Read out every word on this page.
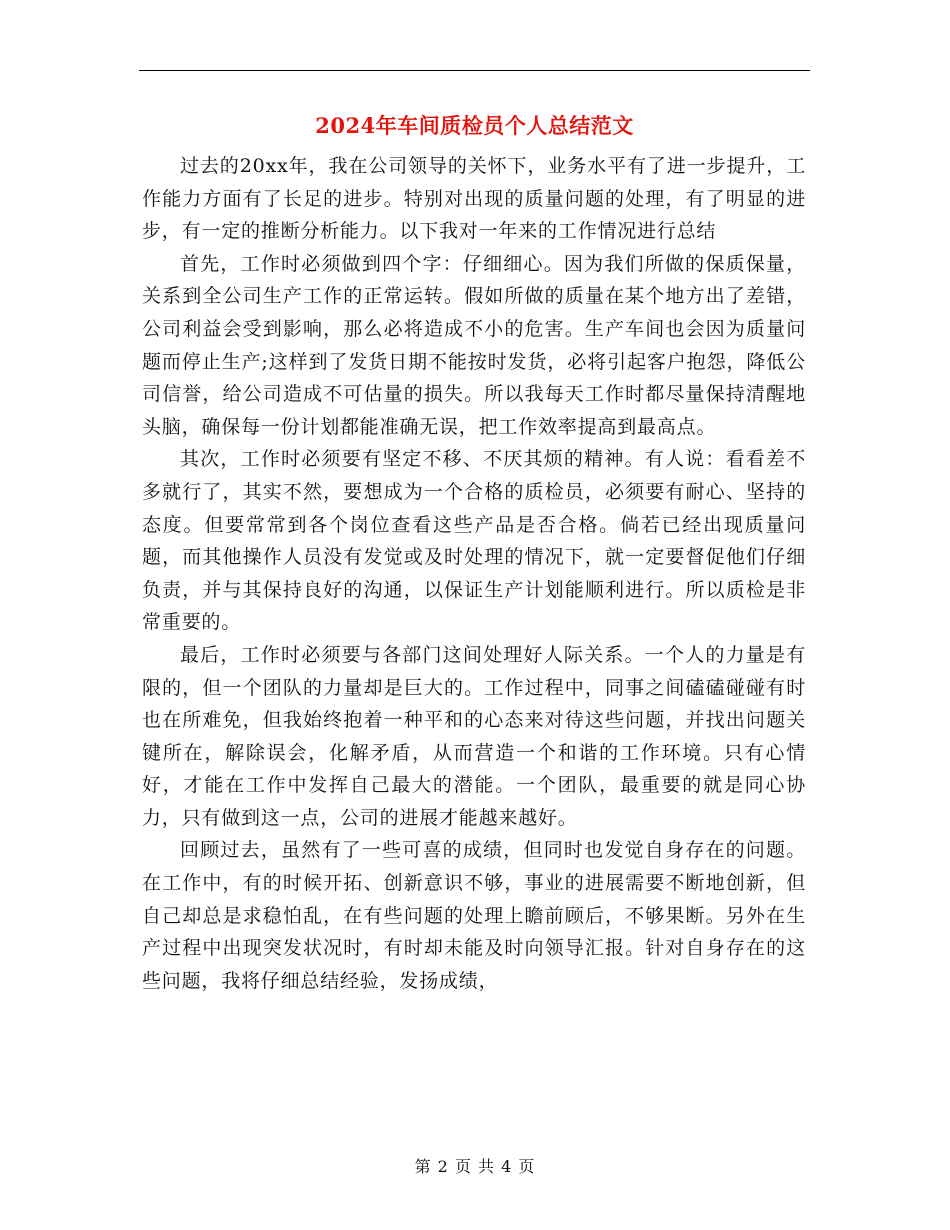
2024年车间质检员个人总结范文

过去的20xx年，我在公司领导的关怀下，业务水平有了进一步提升，工作能力方面有了长足的进步。特别对出现的质量问题的处理，有了明显的进步，有一定的推断分析能力。以下我对一年来的工作情况进行总结

首先，工作时必须做到四个字：仔细细心。因为我们所做的保质保量，关系到全公司生产工作的正常运转。假如所做的质量在某个地方出了差错，公司利益会受到影响，那么必将造成不小的危害。生产车间也会因为质量问题而停止生产;这样到了发货日期不能按时发货，必将引起客户抱怨，降低公司信誉，给公司造成不可估量的损失。所以我每天工作时都尽量保持清醒地头脑，确保每一份计划都能准确无误，把工作效率提高到最高点。

其次，工作时必须要有坚定不移、不厌其烦的精神。有人说：看看差不多就行了，其实不然，要想成为一个合格的质检员，必须要有耐心、坚持的态度。但要常常到各个岗位查看这些产品是否合格。倘若已经出现质量问题，而其他操作人员没有发觉或及时处理的情况下，就一定要督促他们仔细负责，并与其保持良好的沟通，以保证生产计划能顺利进行。所以质检是非常重要的。

最后，工作时必须要与各部门这间处理好人际关系。一个人的力量是有限的，但一个团队的力量却是巨大的。工作过程中，同事之间磕磕碰碰有时也在所难免，但我始终抱着一种平和的心态来对待这些问题，并找出问题关键所在，解除误会，化解矛盾，从而营造一个和谐的工作环境。只有心情好，才能在工作中发挥自己最大的潜能。一个团队，最重要的就是同心协力，只有做到这一点，公司的进展才能越来越好。

回顾过去，虽然有了一些可喜的成绩，但同时也发觉自身存在的问题。在工作中，有的时候开拓、创新意识不够，事业的进展需要不断地创新，但自己却总是求稳怕乱，在有些问题的处理上瞻前顾后，不够果断。另外在生产过程中出现突发状况时，有时却未能及时向领导汇报。针对自身存在的这些问题，我将仔细总结经验，发扬成绩，

第 2 页 共 4 页
